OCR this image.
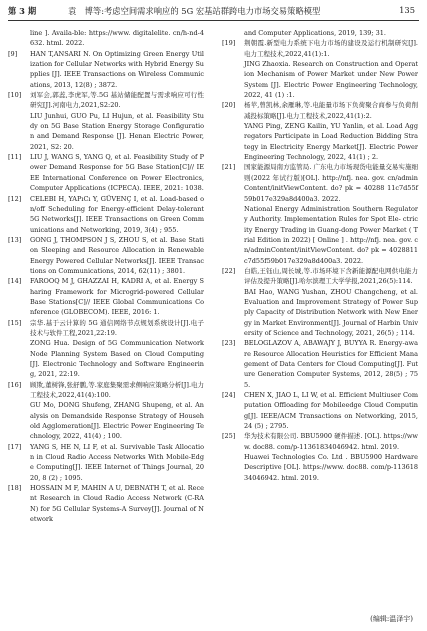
第 3 期	袁　博等:考虑空间需求响应的 5G 宏基站群跨电力市场交易策略模型	135
line ]. Availa-ble: https://www. digitalelite. cn/h-nd-4632. html. 2022.

[9] HAN T,ANSARI N. On Optimizing Green Energy Utilization for Cellular Networks with Hybrid Energy Supplies [J]. IEEE Transactions on Wireless Communications, 2013, 12(8) ; 3872.

[10] 刘军会,郭蕊,李虎军,等.5G 基站储能配置与需求响应可行性研究[J].河南电力,2021,S2:20.
LIU Junhui, GUO Pu, LI Hujun, et al. Feasibility Study on 5G Base Station Energy Storage Configuration and Demand Response [J]. Henan Electric Power, 2021, S2: 20.

[11] LIU J, WANG S, YANG Q, et al. Feasibility Study of Power Demand Response for 5G Base Station[C]// IEEE International Conference on Power Electronics, Computer Applications (ICPECA). IEEE, 2021: 1038.

[12] CELEBI H, YAPıCı Y, GÜVENÇ I, et al. Load-based on/off Scheduling for Energy-efficient Delay-tolerant 5G Networks[J]. IEEE Transactions on Green Communications and Networking, 2019, 3(4) ; 955.

[13] GONG J, THOMPSON J S, ZHOU S, et al. Base Station Sleeping and Resource Allocation in Renewable Energy Powered Cellular Networks[J]. IEEE Transactions on Communications, 2014, 62(11) ; 3801.

[14] FAROOQ M J, GHAZZAI H, KADRI A, et al. Energy Sharing Framework for Microgrid-powered Cellular Base Stations[C]// IEEE Global Communications Conference (GLOBECOM). IEEE, 2016: 1.

[15] 宗华.基于云计算的 5G 通信网络节点规划系统设计[J].电子技术与软件工程,2021,22:19.
ZONG Hua. Design of 5G Communication Network Node Planning System Based on Cloud Computing[J]. Electronic Technology and Software Engineering, 2021, 22:19.

[16] 顾欺,董树锋,张舒鹏,等.家庭集聚需求侧响应策略分析[J].电力工程技术,2022,41(4):100.
GU Mo, DONG Shufeng, ZHANG Shupeng, et al. Analysis on Demandside Response Strategy of Household Agglomeration[J]. Electric Power Engineering Technology, 2022, 41(4) ; 100.

[17] YANG S, HE N, LI F, et al. Survivable Task Allocation in Cloud Radio Access Networks With Mobile-Edge Computing[J]. IEEE Internet of Things Journal, 2020, 8 (2) ; 1095.

[18] HOSSAIN M F, MAHIN A U, DEBNATH T, et al. Recent Research in Cloud Radio Access Network (C-RAN) for 5G Cellular Systems-A Survey[J]. Journal of Network

and Computer Applications, 2019, 139; 31.

[19] 荆朝霞.新型电力系统下电力市场的建设及运行机制研究[J].电力工程技术,2022,41(1):1.
JING Zhaoxia. Research on Construction and Operation Mechanism of Power Market under New Power System [J]. Electric Power Engineering Technology, 2022, 41 (1) :1.

[20] 杨苹,曾凯林,余雁琳,等.电能量市场下负荷聚合商参与负荷削减投标策略[J].电力工程技术,2022,41(1):2.
YANG Ping, ZENG Kailin, YU Yanlin, et al. Load Aggregators Participate in Load Reduction Bidding Strategy in Electricity Energy Market[J]. Electric Power Engineering Technology, 2022, 41(1) ; 2.

[21] 国家能源局南方监管局. 广东电力市场现货电能量交易实施细则(2022 年试行版)[OL]. http://nfj. nea. gov. cn/adminContent/initViewContent. do? pk = 40288 11c7d55f59b017e329a8d400a3. 2022.
National Energy Administration Southern Regulatory Authority. Implementation Rules for Spot Ele- ctricity Energy Trading in Guang-dong Power Market ( T rial Edition in 2022) [ Online ] . http://nfj. nea. gov. cn/adminContent/initViewContent. do? pk = 4028811c7d55f59b017e329a8d400a3. 2022.

[22] 白皓,王钰山,周长城,等.市场环境下含新能源配电网供电能力评估及提升策略[J].哈尔滨理工大学学报,2021,26(5):114.
BAI Hao, WANG Yushan, ZHOU Changcheng, et al. Evaluation and Improvement Strategy of Power Supply Capacity of Distribution Network with New Energy in Market Environment[J]. Journal of Harbin University of Science and Technology, 2021, 26(5) ; 114.

[23] BELOGLAZOV A, ABAWAJY J, BUYYA R. Energy-aware Resource Allocation Heuristics for Efficient Management of Data Centers for Cloud Computing[J]. Future Generation Computer Systems, 2012, 28(5) ; 755.

[24] CHEN X, JIAO L, LI W, et al. Efficient Multiuser Computation Offloading for Mobileedge Cloud Computing[J]. IEEE/ACM Transactions on Networking, 2015, 24 (5) ; 2795.

[25] 华为技术有限公司. BBU5900 硬件描述. [OL]. https://www. doc88. com/p-11361834046942. html. 2019.
Huawei Technologies Co. Ltd . BBU5900 Hardware Descriptive [OL]. https://www. doc88. com/p-11361834046942. html. 2019.

(编辑:温泽宇)
